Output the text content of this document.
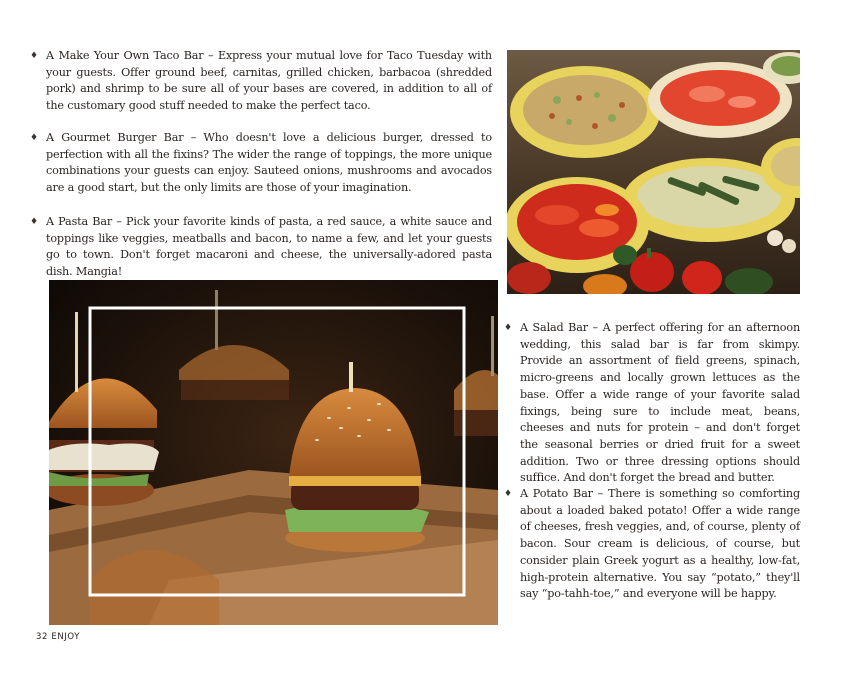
♦ A Make Your Own Taco Bar – Express your mutual love for Taco Tuesday with your guests. Offer ground beef, carnitas, grilled chicken, barbacoa (shredded pork) and shrimp to be sure all of your bases are covered, in addition to all of the customary good stuff needed to make the perfect taco.

♦ A Gourmet Burger Bar – Who doesn't love a delicious burger, dressed to perfection with all the fixins? The wider the range of toppings, the more unique combinations your guests can enjoy. Sauteed onions, mushrooms and avocados are a good start, but the only limits are those of your imagination.

♦ A Pasta Bar – Pick your favorite kinds of pasta, a red sauce, a white sauce and toppings like veggies, meatballs and bacon, to name a few, and let your guests go to town. Don't forget macaroni and cheese, the universally-adored pasta dish. Mangia!

♦ A Salad Bar – A perfect offering for an afternoon wedding, this salad bar is far from skimpy. Provide an assortment of field greens, spinach, micro-greens and locally grown lettuces as the base. Offer a wide range of your favorite salad fixings, being sure to include meat, beans, cheeses and nuts for protein – and don't forget the seasonal berries or dried fruit for a sweet addition. Two or three dressing options should suffice. And don't forget the bread and butter.

♦ A Potato Bar – There is something so comforting about a loaded baked potato! Offer a wide range of cheeses, fresh veggies, and, of course, plenty of bacon. Sour cream is delicious, of course, but consider plain Greek yogurt as a healthy, low-fat, high-protein alternative. You say “potato,” they'll say “po-tahh-toe,” and everyone will be happy.

32 ENJOY
